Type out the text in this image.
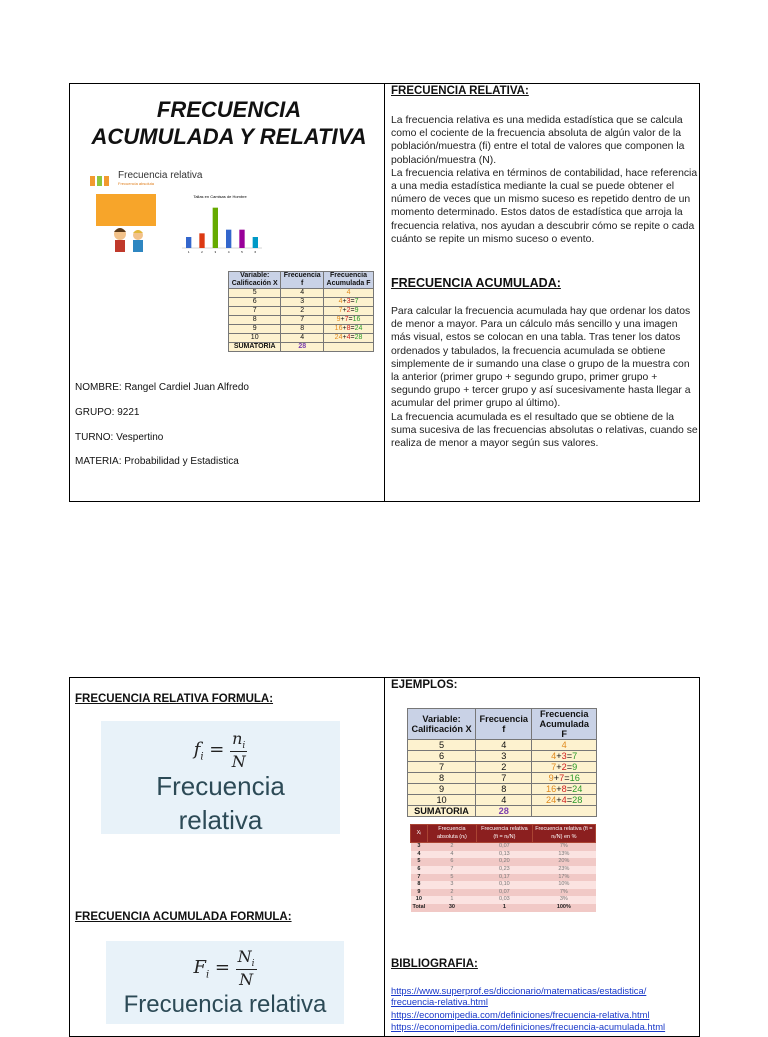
FRECUENCIA
ACUMULADA Y RELATIVA
Frecuencia relativa
Frecuencia absoluta
Tallas en Camisas de Hombre
1	2	3	4	5	6
Variable: Calificación X	Frecuencia f	Frecuencia Acumulada F
5	4	4
6	3	4+3=7
7	2	7+2=9
8	7	9+7=16
9	8	16+8=24
10	4	24+4=28
SUMATORIA	28	
NOMBRE: Rangel Cardiel Juan Alfredo
GRUPO: 9221
TURNO: Vespertino
MATERIA: Probabilidad y Estadistica
FRECUENCIA RELATIVA:

La frecuencia relativa es una medida estadística que se calcula como el cociente de la frecuencia absoluta de algún valor de la población/muestra (fi) entre el total de valores que componen la población/muestra (N).
La frecuencia relativa en términos de contabilidad, hace referencia a una media estadística mediante la cual se puede obtener el número de veces que un mismo suceso es repetido dentro de un momento determinado. Estos datos de estadística que arroja la frecuencia relativa, nos ayudan a descubrir cómo se repite o cada cuánto se repite un mismo suceso o evento.

FRECUENCIA ACUMULADA:

Para calcular la frecuencia acumulada hay que ordenar los datos de menor a mayor. Para un cálculo más sencillo y una imagen más visual, estos se colocan en una tabla. Tras tener los datos ordenados y tabulados, la frecuencia acumulada se obtiene simplemente de ir sumando una clase o grupo de la muestra con la anterior (primer grupo + segundo grupo, primer grupo + segundo grupo + tercer grupo y así sucesivamente hasta llegar a acumular del primer grupo al último).
La frecuencia acumulada es el resultado que se obtiene de la suma sucesiva de las frecuencias absolutas o relativas, cuando se realiza de menor a mayor según sus valores.

FRECUENCIA RELATIVA FORMULA:
$f_i = \frac{n_i}{N}$
Frecuencia
relativa
FRECUENCIA ACUMULADA FORMULA:
$F_i = \frac{N_i}{N}$
Frecuencia relativa
EJEMPLOS:
Variable: Calificación X	Frecuencia f	Frecuencia Acumulada F
5	4	4
6	3	4+3=7
7	2	7+2=9
8	7	9+7=16
9	8	16+8=24
10	4	24+4=28
SUMATORIA	28	
Xᵢ	Frecuencia absoluta (nᵢ)	Frecuencia relativa (fi = nᵢ/N)	Frecuencia relativa (fi = nᵢ/N) en %
3	2	0,07	7%
4	4	0,13	13%
5	6	0,20	20%
6	7	0,23	23%
7	5	0,17	17%
8	3	0,10	10%
9	2	0,07	7%
10	1	0,03	3%
Total	30	1	100%
BIBLIOGRAFIA:
https://www.superprof.es/diccionario/matematicas/estadistica/
frecuencia-relativa.html
https://economipedia.com/definiciones/frecuencia-relativa.html
https://economipedia.com/definiciones/frecuencia-acumulada.html
